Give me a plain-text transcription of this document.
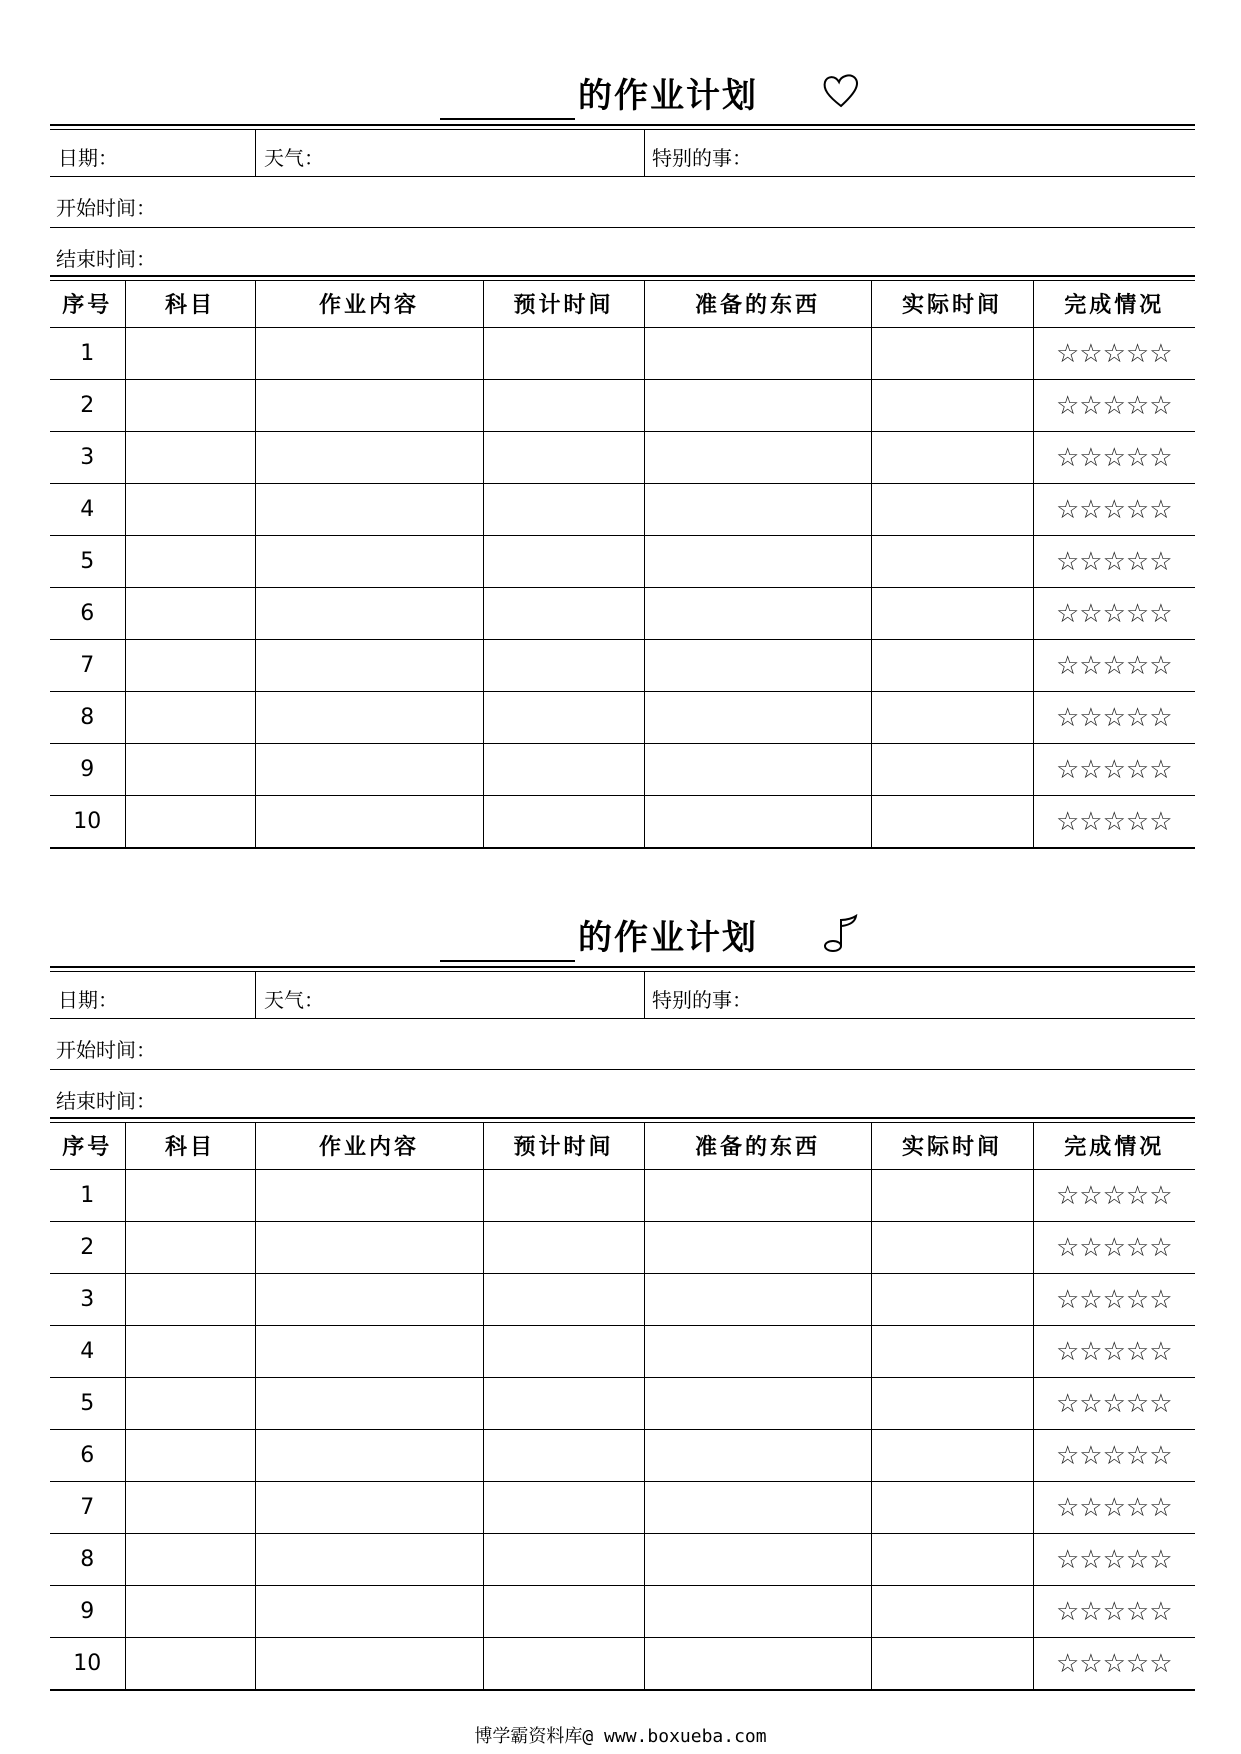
的作业计划
日期：	天气：	特别的事：
开始时间：
结束时间：
序号	科目	作业内容	预计时间	准备的东西	实际时间	完成情况
1						☆☆☆☆☆
2						☆☆☆☆☆
3						☆☆☆☆☆
4						☆☆☆☆☆
5						☆☆☆☆☆
6						☆☆☆☆☆
7						☆☆☆☆☆
8						☆☆☆☆☆
9						☆☆☆☆☆
10						☆☆☆☆☆
的作业计划
日期：	天气：	特别的事：
开始时间：
结束时间：
序号	科目	作业内容	预计时间	准备的东西	实际时间	完成情况
1						☆☆☆☆☆
2						☆☆☆☆☆
3						☆☆☆☆☆
4						☆☆☆☆☆
5						☆☆☆☆☆
6						☆☆☆☆☆
7						☆☆☆☆☆
8						☆☆☆☆☆
9						☆☆☆☆☆
10						☆☆☆☆☆
博学霸资料库@ www.boxueba.com
